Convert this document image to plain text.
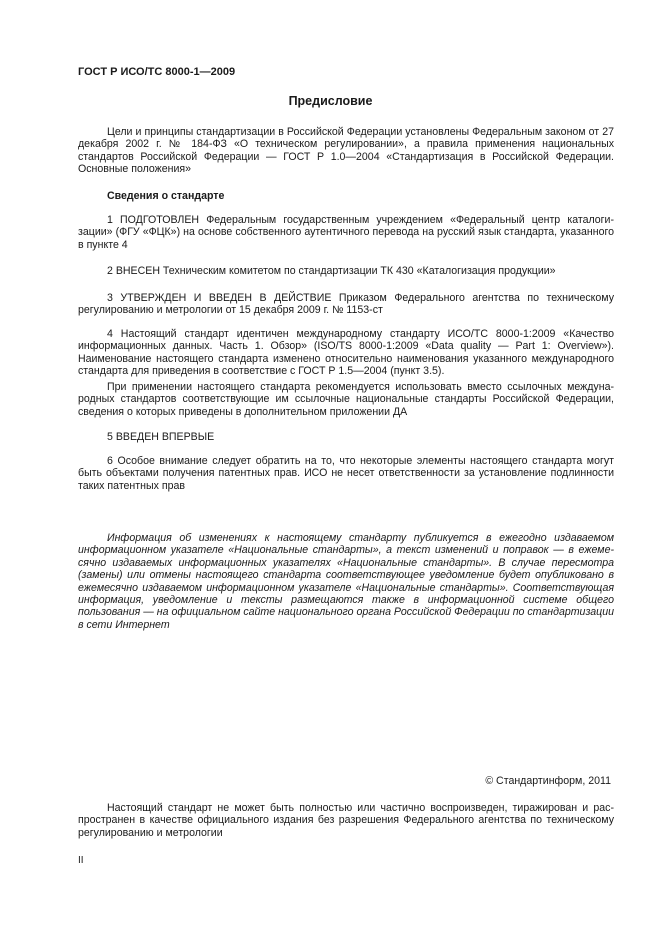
ГОСТ Р ИСО/ТС 8000-1—2009
Предисловие

Цели и принципы стандартизации в Российской Федерации установлены Федеральным законом от 27 декабря 2002 г. № 184-ФЗ «О техническом регулировании», а правила применения национальных стандартов Российской Федерации — ГОСТ Р 1.0—2004 «Стандартизация в Российской Федерации. Основные положения»

Сведения о стандарте

1 ПОДГОТОВЛЕН Федеральным государственным учреждением «Федеральный центр каталогизации» (ФГУ «ФЦК») на основе собственного аутентичного перевода на русский язык стандарта, указанного в пункте 4

2 ВНЕСЕН Техническим комитетом по стандартизации ТК 430 «Каталогизация продукции»

3 УТВЕРЖДЕН И ВВЕДЕН В ДЕЙСТВИЕ Приказом Федерального агентства по техническому регулированию и метрологии от 15 декабря 2009 г. № 1153-ст

4 Настоящий стандарт идентичен международному стандарту ИСО/ТС 8000-1:2009 «Качество информационных данных. Часть 1. Обзор» (ISO/TS 8000-1:2009 «Data quality — Part 1: Overview»). Наименование настоящего стандарта изменено относительно наименования указанного международного стандарта для приведения в соответствие с ГОСТ Р 1.5—2004 (пункт 3.5).

При применении настоящего стандарта рекомендуется использовать вместо ссылочных международных стандартов соответствующие им ссылочные национальные стандарты Российской Федерации, сведения о которых приведены в дополнительном приложении ДА

5 ВВЕДЕН ВПЕРВЫЕ

6 Особое внимание следует обратить на то, что некоторые элементы настоящего стандарта могут быть объектами получения патентных прав. ИСО не несет ответственности за установление подлинности таких патентных прав

Информация об изменениях к настоящему стандарту публикуется в ежегодно издаваемом информационном указателе «Национальные стандарты», а текст изменений и поправок — в ежемесячно издаваемых информационных указателях «Национальные стандарты». В случае пересмотра (замены) или отмены настоящего стандарта соответствующее уведомление будет опубликовано в ежемесячно издаваемом информационном указателе «Национальные стандарты». Соответствующая информация, уведомление и тексты размещаются также в информационной системе общего пользования — на официальном сайте национального органа Российской Федерации по стандартизации в сети Интернет

© Стандартинформ, 2011

Настоящий стандарт не может быть полностью или частично воспроизведен, тиражирован и распространен в качестве официального издания без разрешения Федерального агентства по техническому регулированию и метрологии

II
